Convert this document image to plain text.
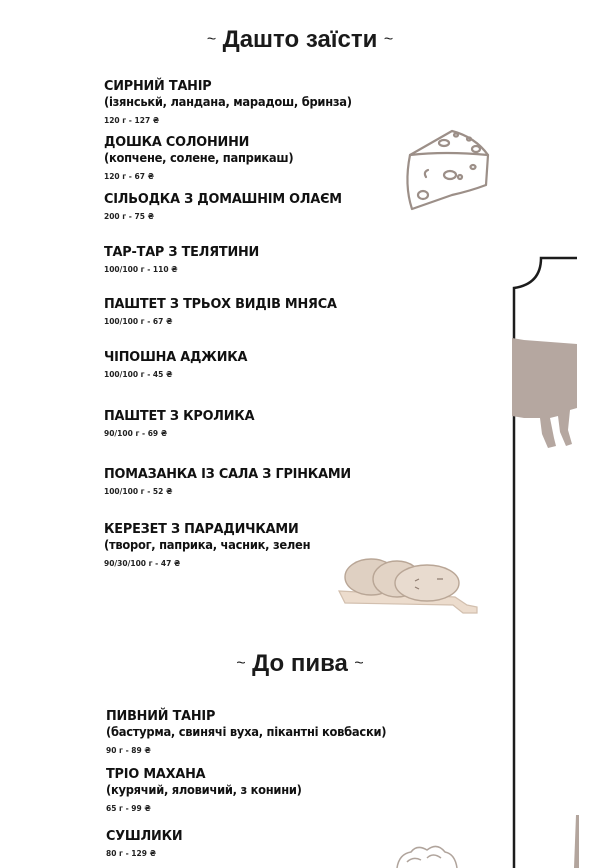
~ Дашто заїсти ~
СИРНИЙ ТАНІР
(ізянськй, ландана, марадош, бринза)
120 г - 127 ₴
ДОШКА СОЛОНИНИ
(копчене, солене, паприкаш)
120 г - 67 ₴
СІЛЬОДКА З ДОМАШНІМ ОЛАЄМ
200 г - 75 ₴
ТАР-ТАР З ТЕЛЯТИНИ
100/100 г - 110 ₴
ПАШТЕТ З ТРЬОХ ВИДІВ МНЯСА
100/100 г - 67 ₴
ЧІПОШНА АДЖИКА
100/100 г - 45 ₴
ПАШТЕТ З КРОЛИКА
90/100 г - 69 ₴
ПОМАЗАНКА ІЗ САЛА З ГРІНКАМИ
100/100 г - 52 ₴
КЕРЕЗЕТ З ПАРАДИЧКАМИ
(творог, паприка, часник, зелен
90/30/100 г - 47 ₴
~ До пива ~
ПИВНИЙ ТАНІР
(бастурма, свинячі вуха, пікантні ковбаски)
90 г - 89 ₴
ТРІО МАХАНА
(курячий, яловичий, з конини)
65 г - 99 ₴
СУШЛИКИ
80 г - 129 ₴
